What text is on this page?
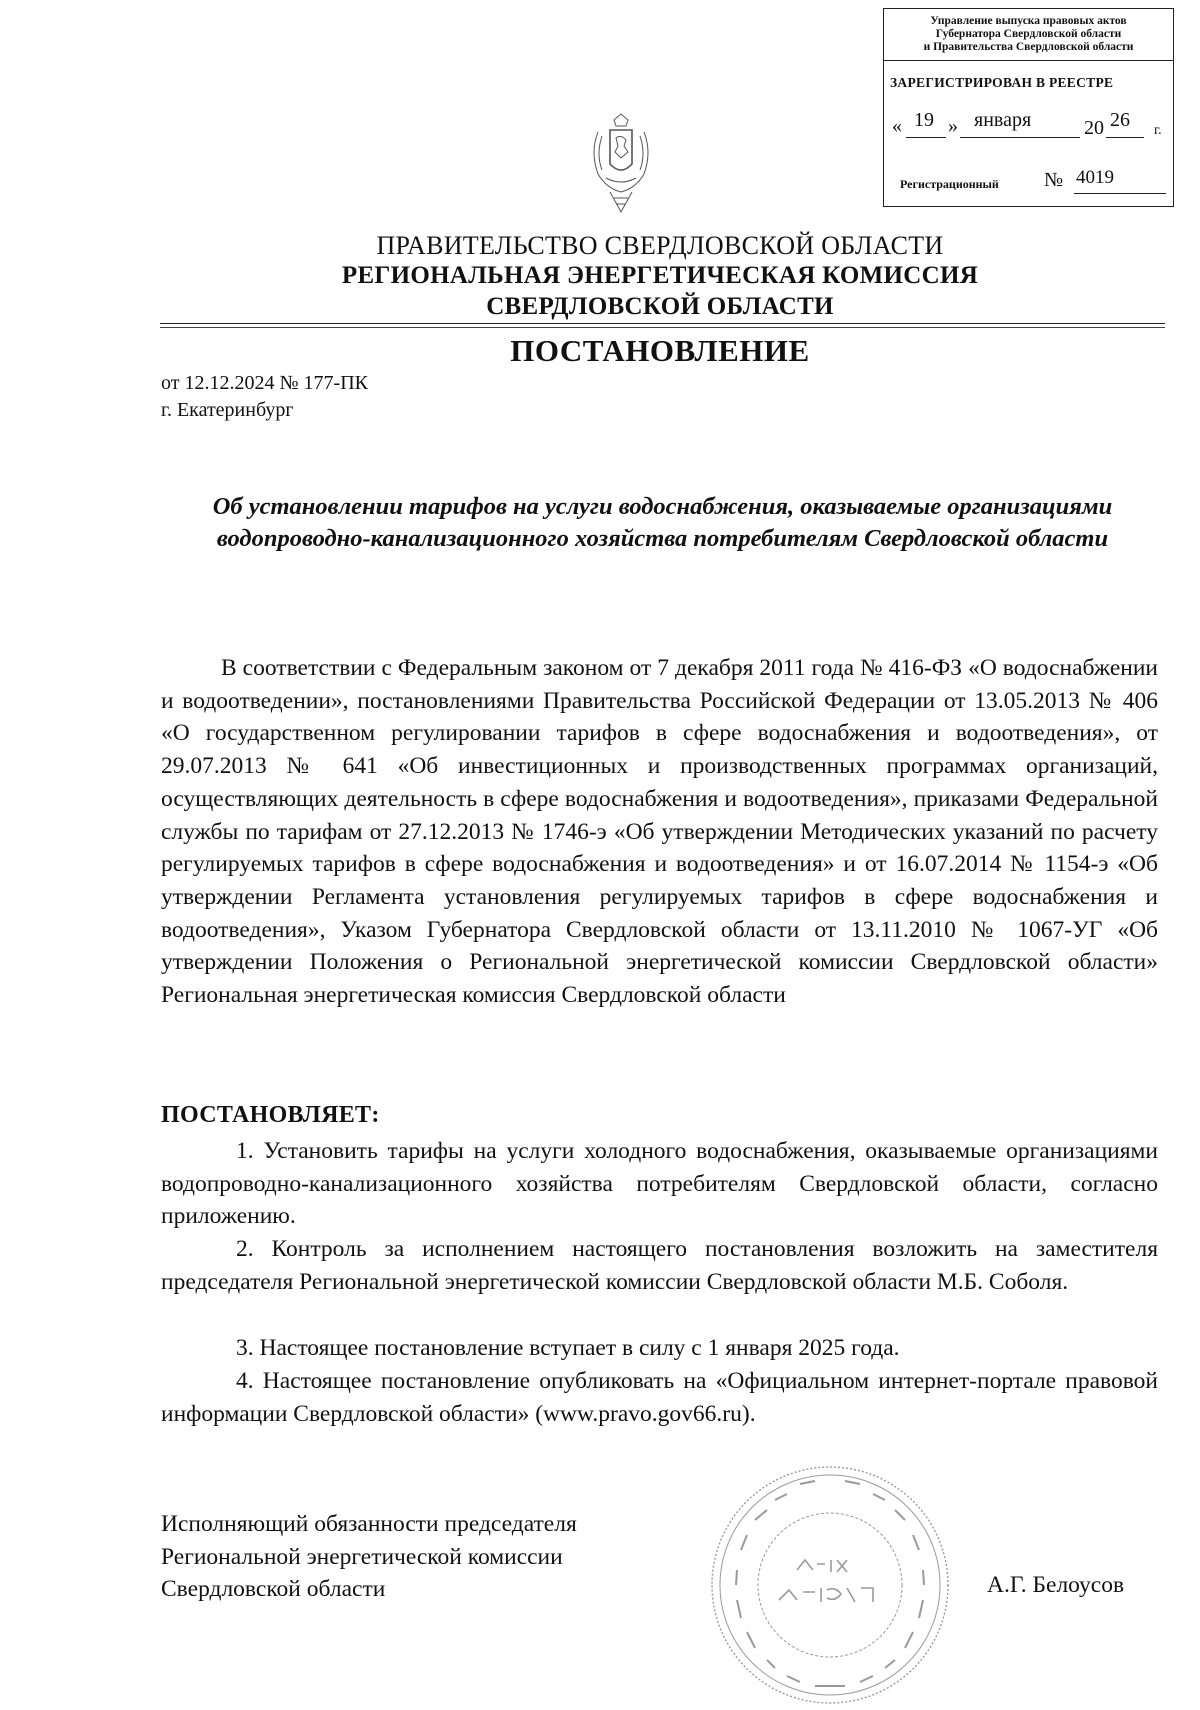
Управление выпуска правовых актов
Губернатора Свердловской области
и Правительства Свердловской области
ЗАРЕГИСТРИРОВАН В РЕЕСТРЕ
« 19 » января	20 26 г.
Регистрационный № 4019
ПРАВИТЕЛЬСТВО СВЕРДЛОВСКОЙ ОБЛАСТИ
РЕГИОНАЛЬНАЯ ЭНЕРГЕТИЧЕСКАЯ КОМИССИЯ
СВЕРДЛОВСКОЙ ОБЛАСТИ
ПОСТАНОВЛЕНИЕ
от 12.12.2024 № 177-ПК
г. Екатеринбург
Об установлении тарифов на услуги водоснабжения, оказываемые организациями водопроводно-канализационного хозяйства потребителям Свердловской области
В соответствии с Федеральным законом от 7 декабря 2011 года № 416-ФЗ «О водоснабжении и водоотведении», постановлениями Правительства Российской Федерации от 13.05.2013 № 406 «О государственном регулировании тарифов в сфере водоснабжения и водоотведения», от 29.07.2013 № 641 «Об инвестиционных и производственных программах организаций, осуществляющих деятельность в сфере водоснабжения и водоотведения», приказами Федеральной службы по тарифам от 27.12.2013 № 1746-э «Об утверждении Методических указаний по расчету регулируемых тарифов в сфере водоснабжения и водоотведения» и от 16.07.2014 № 1154-э «Об утверждении Регламента установления регулируемых тарифов в сфере водоснабжения и водоотведения», Указом Губернатора Свердловской области от 13.11.2010 № 1067-УГ «Об утверждении Положения о Региональной энергетической комиссии Свердловской области» Региональная энергетическая комиссия Свердловской области
ПОСТАНОВЛЯЕТ:
1. Установить тарифы на услуги холодного водоснабжения, оказываемые организациями водопроводно-канализационного хозяйства потребителям Свердловской области, согласно приложению.
2. Контроль за исполнением настоящего постановления возложить на заместителя председателя Региональной энергетической комиссии Свердловской области М.Б. Соболя.
3. Настоящее постановление вступает в силу с 1 января 2025 года.
4. Настоящее постановление опубликовать на «Официальном интернет-портале правовой информации Свердловской области» (www.pravo.gov66.ru).
Исполняющий обязанности председателя
Региональной энергетической комиссии
Свердловской области	А.Г. Белоусов
